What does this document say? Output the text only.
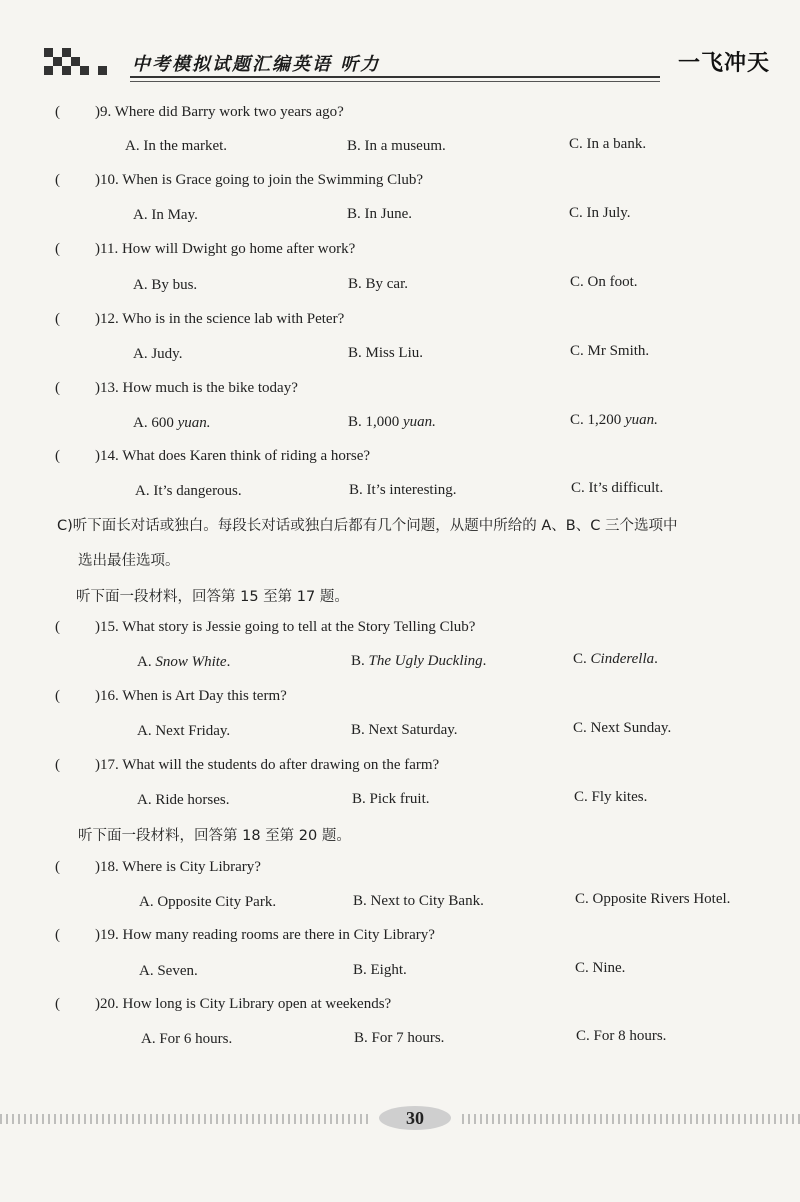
中考模拟试题汇编英语 听力	一飞冲天
( )9. Where did Barry work two years ago?
A. In the market.	B. In a museum.	C. In a bank.
( )10. When is Grace going to join the Swimming Club?
A. In May.	B. In June.	C. In July.
( )11. How will Dwight go home after work?
A. By bus.	B. By car.	C. On foot.
( )12. Who is in the science lab with Peter?
A. Judy.	B. Miss Liu.	C. Mr Smith.
( )13. How much is the bike today?
A. 600 yuan.	B. 1,000 yuan.	C. 1,200 yuan.
( )14. What does Karen think of riding a horse?
A. It’s dangerous.	B. It’s interesting.	C. It’s difficult.
C)听下面长对话或独白。每段长对话或独白后都有几个问题，从题中所给的 A、B、C 三个选项中
选出最佳选项。
听下面一段材料，回答第 15 至第 17 题。
( )15. What story is Jessie going to tell at the Story Telling Club?
A. Snow White.	B. The Ugly Duckling.	C. Cinderella.
( )16. When is Art Day this term?
A. Next Friday.	B. Next Saturday.	C. Next Sunday.
( )17. What will the students do after drawing on the farm?
A. Ride horses.	B. Pick fruit.	C. Fly kites.
听下面一段材料，回答第 18 至第 20 题。
( )18. Where is City Library?
A. Opposite City Park.	B. Next to City Bank.	C. Opposite Rivers Hotel.
( )19. How many reading rooms are there in City Library?
A. Seven.	B. Eight.	C. Nine.
( )20. How long is City Library open at weekends?
A. For 6 hours.	B. For 7 hours.	C. For 8 hours.
30
